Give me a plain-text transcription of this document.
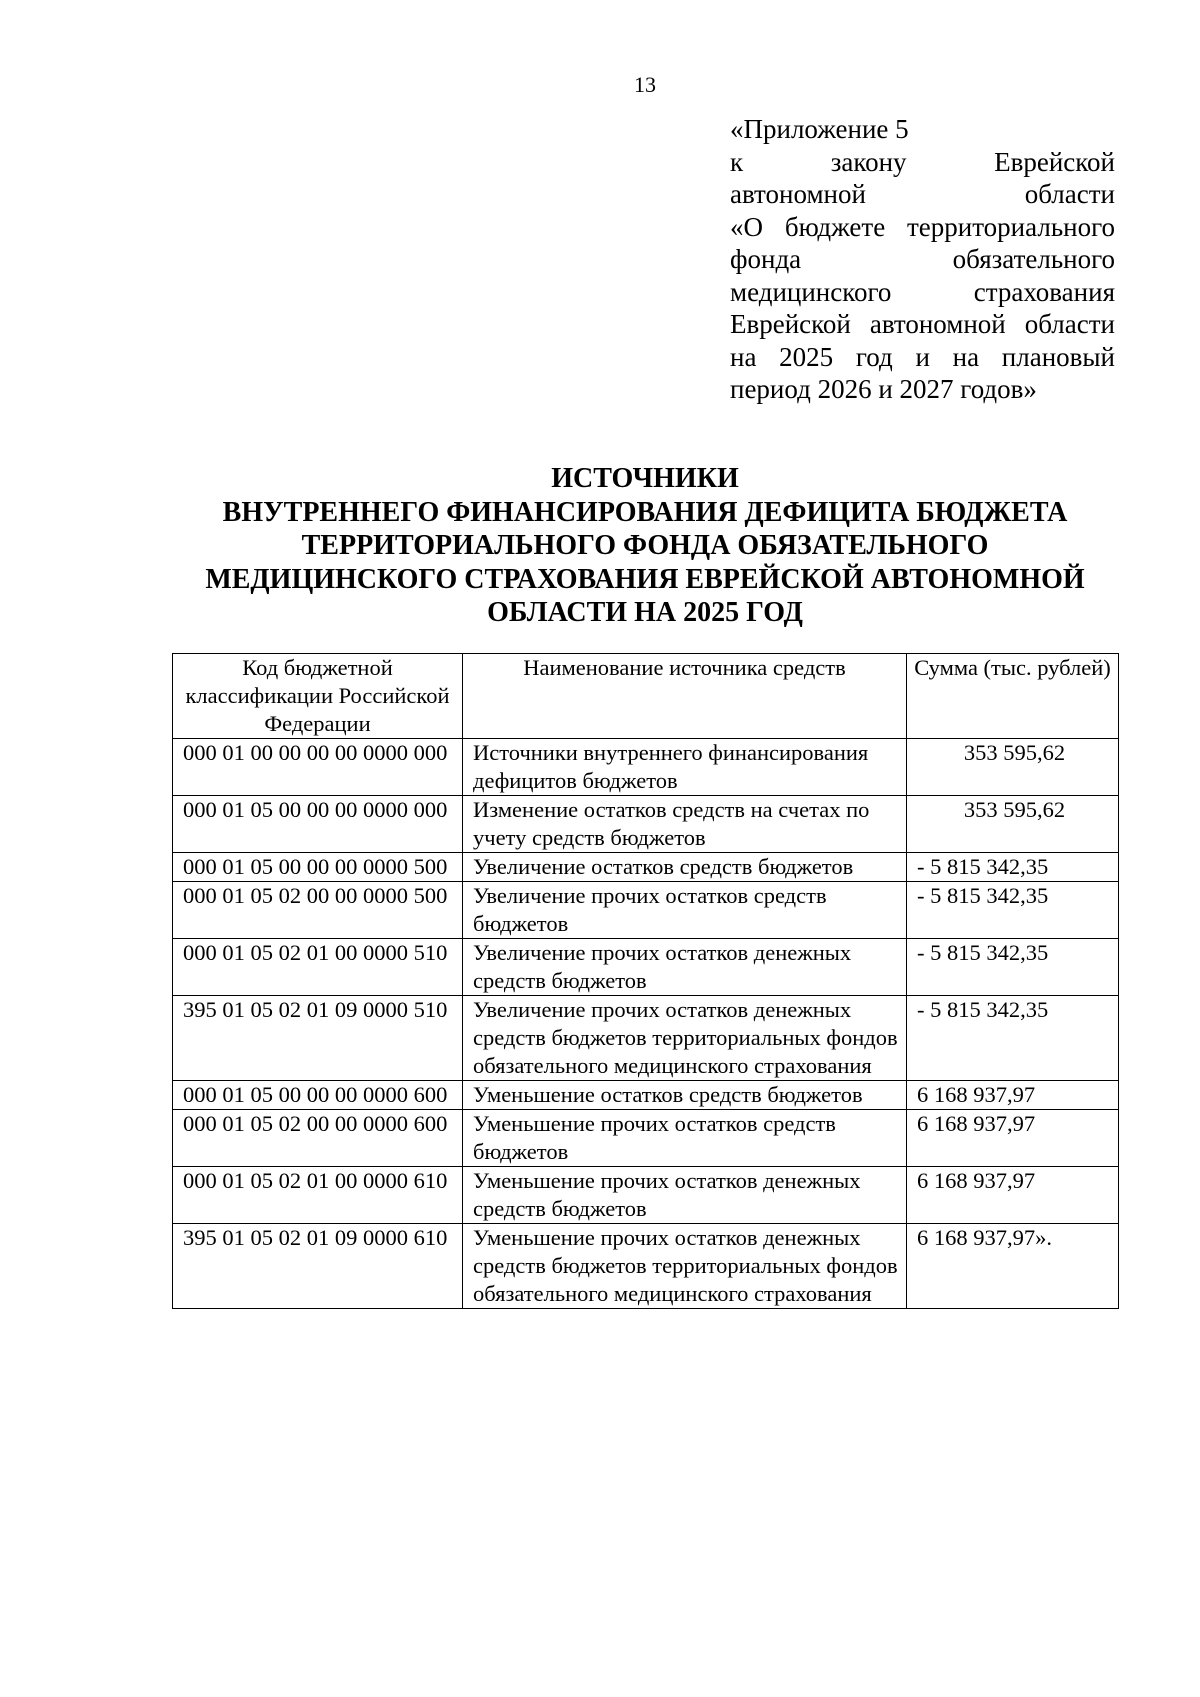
13
«Приложение 5
к закону Еврейской
автономной области
«О бюджете территориального
фонда обязательного
медицинского страхования
Еврейской автономной области
на 2025 год и на плановый
период 2026 и 2027 годов»
ИСТОЧНИКИ
ВНУТРЕННЕГО ФИНАНСИРОВАНИЯ ДЕФИЦИТА БЮДЖЕТА
ТЕРРИТОРИАЛЬНОГО ФОНДА ОБЯЗАТЕЛЬНОГО
МЕДИЦИНСКОГО СТРАХОВАНИЯ ЕВРЕЙСКОЙ АВТОНОМНОЙ
ОБЛАСТИ НА 2025 ГОД
Код бюджетной классификации Российской Федерации	Наименование источника средств	Сумма (тыс. рублей)
000 01 00 00 00 00 0000 000	Источники внутреннего финансирования дефицитов бюджетов	353 595,62
000 01 05 00 00 00 0000 000	Изменение остатков средств на счетах по учету средств бюджетов	353 595,62
000 01 05 00 00 00 0000 500	Увеличение остатков средств бюджетов	- 5 815 342,35
000 01 05 02 00 00 0000 500	Увеличение прочих остатков средств бюджетов	- 5 815 342,35
000 01 05 02 01 00 0000 510	Увеличение прочих остатков денежных средств бюджетов	- 5 815 342,35
395 01 05 02 01 09 0000 510	Увеличение прочих остатков денежных средств бюджетов территориальных фондов обязательного медицинского страхования	- 5 815 342,35
000 01 05 00 00 00 0000 600	Уменьшение остатков средств бюджетов	6 168 937,97
000 01 05 02 00 00 0000 600	Уменьшение прочих остатков средств бюджетов	6 168 937,97
000 01 05 02 01 00 0000 610	Уменьшение прочих остатков денежных средств бюджетов	6 168 937,97
395 01 05 02 01 09 0000 610	Уменьшение прочих остатков денежных средств бюджетов территориальных фондов обязательного медицинского страхования	6 168 937,97».
